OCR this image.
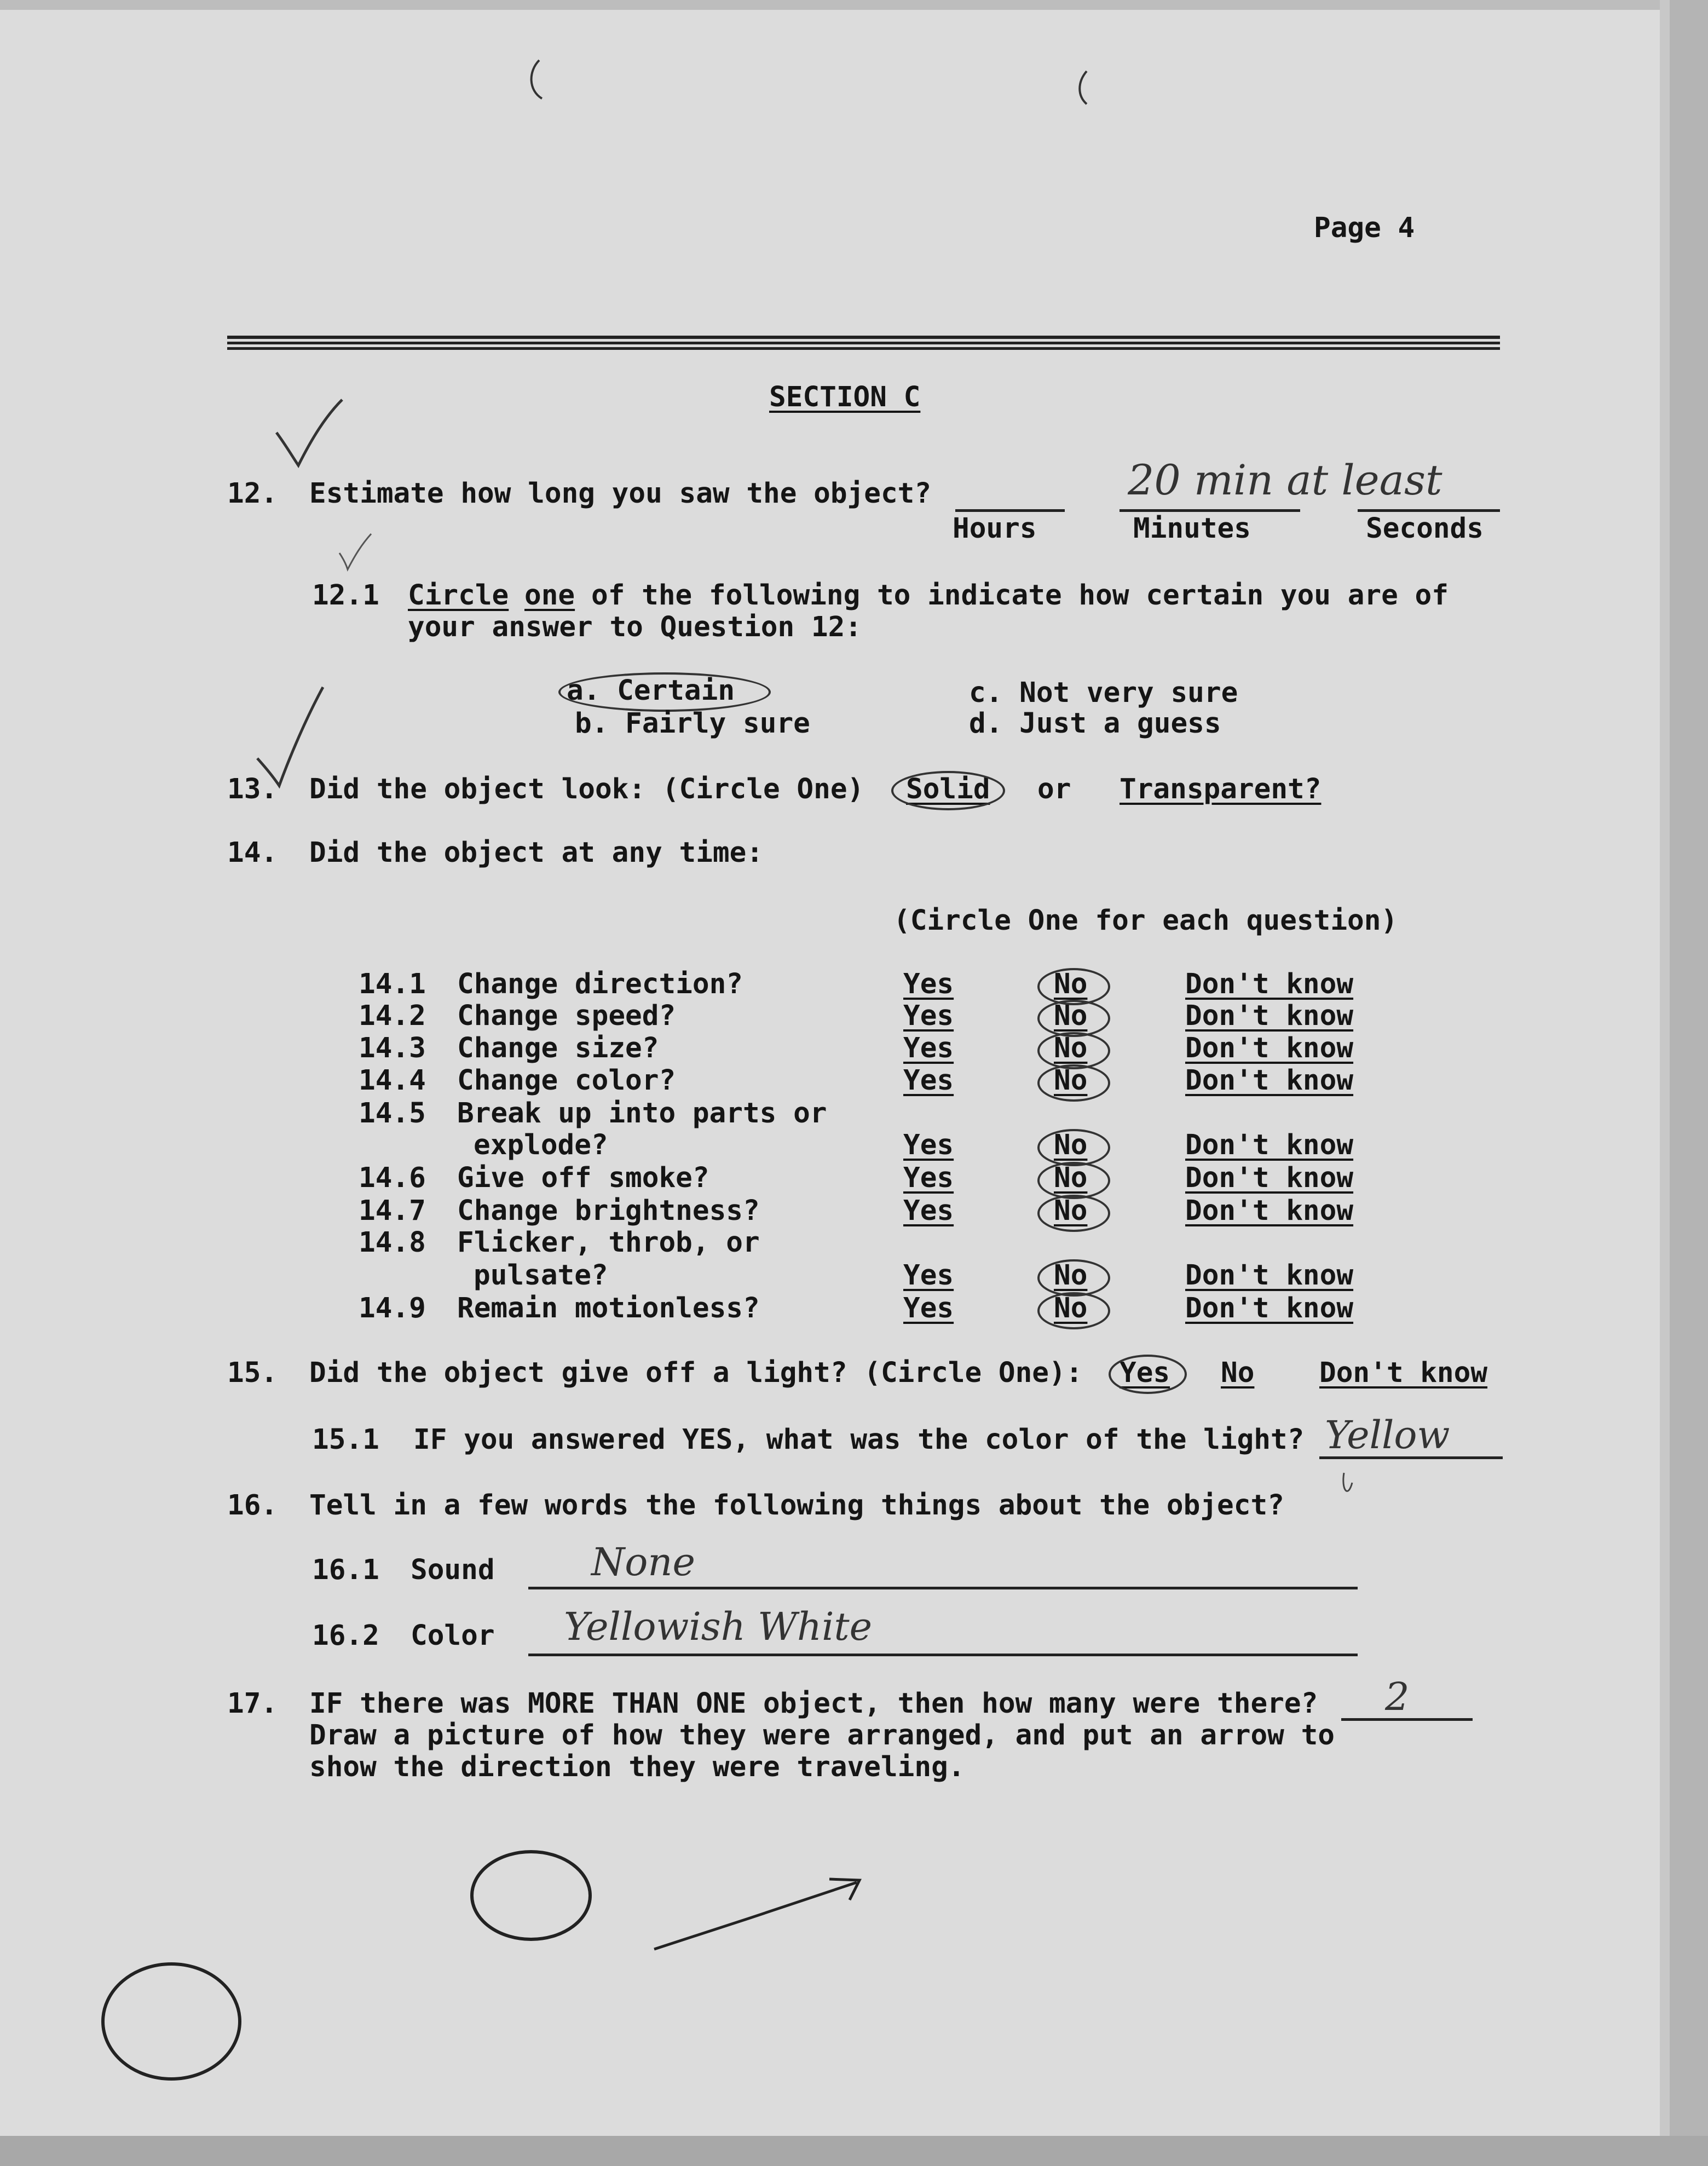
Page 4
SECTION C
12. Estimate how long you saw the object?	20 min at least
Hours	Minutes	Seconds
12.1 Circle one of the following to indicate how certain you are of
your answer to Question 12:
a. Certain
b. Fairly sure
c. Not very sure
d. Just a guess
13. Did the object look: (Circle One) Solid or Transparent?
14. Did the object at any time:
(Circle One for each question)
14.1 Change direction?	Yes	No	Don't know
14.2 Change speed?	Yes	No	Don't know
14.3 Change size?	Yes	No	Don't know
14.4 Change color?	Yes	No	Don't know
14.5 Break up into parts or
explode?	Yes	No	Don't know
14.6 Give off smoke?	Yes	No	Don't know
14.7 Change brightness?	Yes	No	Don't know
14.8 Flicker, throb, or
pulsate?	Yes	No	Don't know
14.9 Remain motionless?	Yes	No	Don't know
15. Did the object give off a light? (Circle One): Yes No Don't know
15.1 IF you answered YES, what was the color of the light? Yellow
16. Tell in a few words the following things about the object?
16.1 Sound	None
16.2 Color Yellowish White
17. IF there was MORE THAN ONE object, then how many were there? 2
Draw a picture of how they were arranged, and put an arrow to
show the direction they were traveling.
